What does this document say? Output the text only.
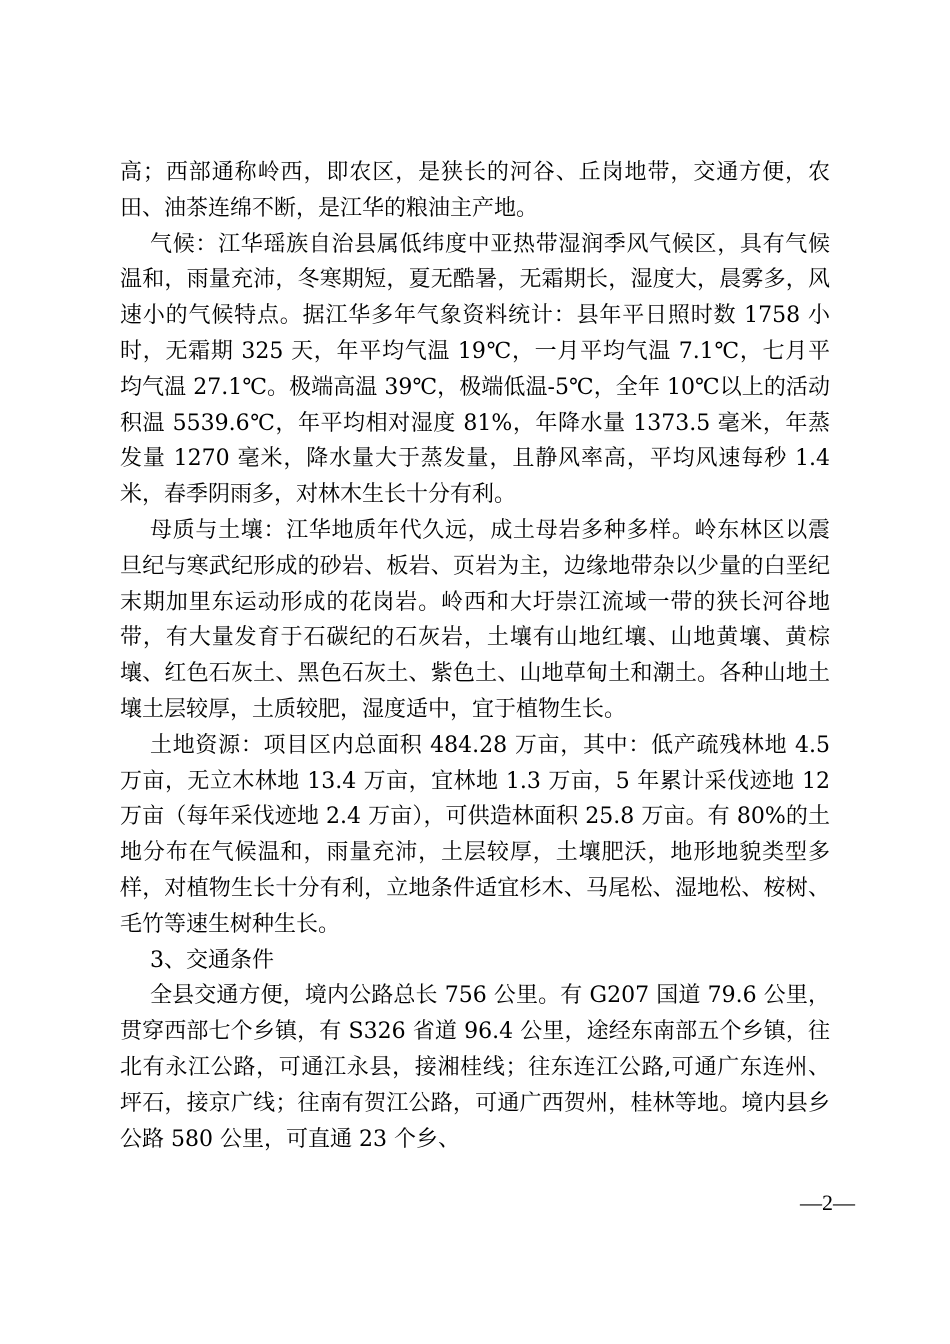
高；西部通称岭西，即农区，是狭长的河谷、丘岗地带，交通方便，农田、油茶连绵不断，是江华的粮油主产地。

气候：江华瑶族自治县属低纬度中亚热带湿润季风气候区，具有气候温和，雨量充沛，冬寒期短，夏无酷暑，无霜期长，湿度大，晨雾多，风速小的气候特点。据江华多年气象资料统计：县年平日照时数 1758 小时，无霜期 325 天，年平均气温 19℃，一月平均气温 7.1℃，七月平均气温 27.1℃。极端高温 39℃，极端低温-5℃，全年 10℃以上的活动积温 5539.6℃，年平均相对湿度 81%，年降水量 1373.5 毫米，年蒸发量 1270 毫米，降水量大于蒸发量，且静风率高，平均风速每秒 1.4 米，春季阴雨多，对林木生长十分有利。

母质与土壤：江华地质年代久远，成土母岩多种多样。岭东林区以震旦纪与寒武纪形成的砂岩、板岩、页岩为主，边缘地带杂以少量的白垩纪末期加里东运动形成的花岗岩。岭西和大圩崇江流域一带的狭长河谷地带，有大量发育于石碳纪的石灰岩，土壤有山地红壤、山地黄壤、黄棕壤、红色石灰土、黑色石灰土、紫色土、山地草甸土和潮土。各种山地土壤土层较厚，土质较肥，湿度适中，宜于植物生长。

土地资源：项目区内总面积 484.28 万亩，其中：低产疏残林地 4.5 万亩，无立木林地 13.4 万亩，宜林地 1.3 万亩，5 年累计采伐迹地 12 万亩（每年采伐迹地 2.4 万亩），可供造林面积 25.8 万亩。有 80%的土地分布在气候温和，雨量充沛，土层较厚，土壤肥沃，地形地貌类型多样，对植物生长十分有利，立地条件适宜杉木、马尾松、湿地松、桉树、毛竹等速生树种生长。

3、交通条件

全县交通方便，境内公路总长 756 公里。有 G207 国道 79.6 公里，贯穿西部七个乡镇，有 S326 省道 96.4 公里，途经东南部五个乡镇，往北有永江公路，可通江永县，接湘桂线；往东连江公路,可通广东连州、坪石，接京广线；往南有贺江公路，可通广西贺州，桂林等地。境内县乡公路 580 公里，可直通 23 个乡、

—2—
